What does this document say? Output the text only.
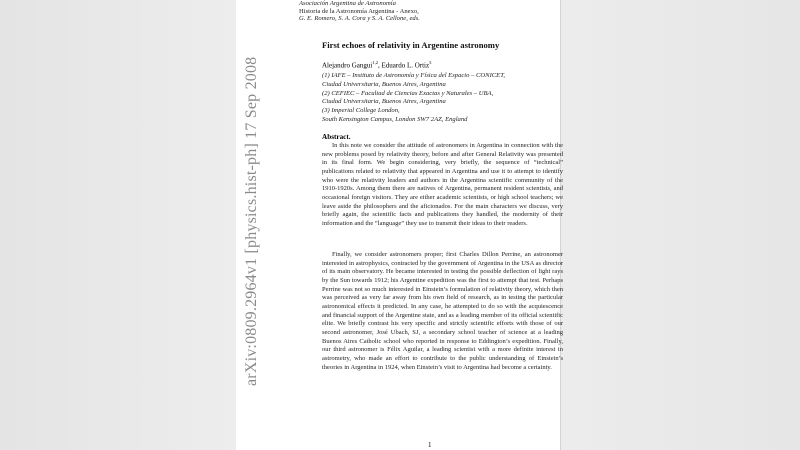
arXiv:0809.2964v1 [physics.hist-ph] 17 Sep 2008
Asociación Argentina de Astronomía
Historia de la Astronomía Argentina - Anexo,
G. E. Romero, S. A. Cora y S. A. Cellone, eds.
First echoes of relativity in Argentine astronomy
Alejandro Gangui$^{1,2}$, Eduardo L. Ortiz$^3$
(1) IAFE – Instituto de Astronomía y Física del Espacio – CONICET,
Ciudad Universitaria, Buenos Aires, Argentina
(2) CEFIEC – Facultad de Ciencias Exactas y Naturales – UBA,
Ciudad Universitaria, Buenos Aires, Argentina
(3) Imperial College London,
South Kensington Campus, London SW7 2AZ, England
Abstract.
In this note we consider the attitude of astronomers in Argentina in connection with the new problems posed by relativity theory, before and after General Relativity was presented in its final form. We begin considering, very briefly, the sequence of “technical” publications related to relativity that appeared in Argentina and use it to attempt to identify who were the relativity leaders and authors in the Argentina scientific community of the 1910-1920s. Among them there are natives of Argentina, permanent resident scientists, and occasional foreign visitors. They are either academic scientists, or high school teachers; we leave aside the philosophers and the aficionados. For the main characters we discuss, very briefly again, the scientific facts and publications they handled, the modernity of their information and the “language” they use to transmit their ideas to their readers.
Finally, we consider astronomers proper; first Charles Dillon Perrine, an astronomer interested in astrophysics, contracted by the government of Argentina in the USA as director of its main observatory. He became interested in testing the possible deflection of light rays by the Sun towards 1912; his Argentine expedition was the first to attempt that test. Perhaps Perrine was not so much interested in Einstein’s formulation of relativity theory, which then was perceived as very far away from his own field of research, as in testing the particular astronomical effects it predicted. In any case, he attempted to do so with the acquiescence and financial support of the Argentine state, and as a leading member of its official scientific elite. We briefly contrast his very specific and strictly scientific efforts with those of our second astronomer, José Ubach, SJ, a secondary school teacher of science at a leading Buenos Aires Catholic school who reported in response to Eddington’s expedition. Finally, our third astronomer is Félix Aguilar, a leading scientist with a more definite interest in astrometry, who made an effort to contribute to the public understanding of Einstein’s theories in Argentina in 1924, when Einstein’s visit to Argentina had become a certainty.
1
